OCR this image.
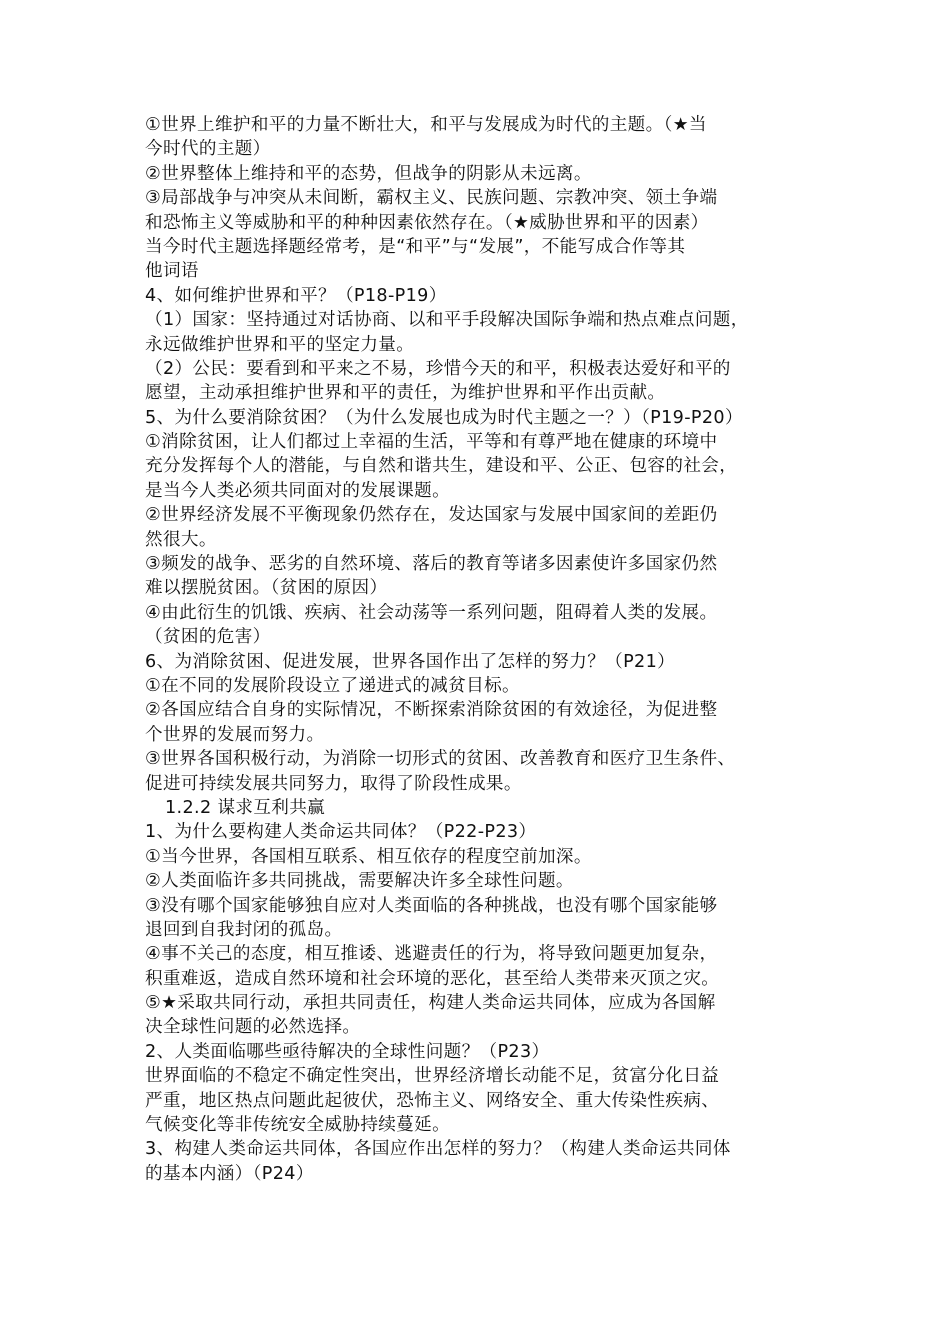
①世界上维护和平的力量不断壮大，和平与发展成为时代的主题。（★当
今时代的主题）
②世界整体上维持和平的态势，但战争的阴影从未远离。
③局部战争与冲突从未间断，霸权主义、民族问题、宗教冲突、领土争端
和恐怖主义等威胁和平的种种因素依然存在。（★威胁世界和平的因素）
当今时代主题选择题经常考，是“和平”与“发展”，不能写成合作等其
他词语
4、如何维护世界和平？（P18-P19）
（1）国家：坚持通过对话协商、以和平手段解决国际争端和热点难点问题，
永远做维护世界和平的坚定力量。
（2）公民：要看到和平来之不易，珍惜今天的和平，积极表达爱好和平的
愿望，主动承担维护世界和平的责任，为维护世界和平作出贡献。
5、为什么要消除贫困？（为什么发展也成为时代主题之一？）（P19-P20）
①消除贫困，让人们都过上幸福的生活，平等和有尊严地在健康的环境中
充分发挥每个人的潜能，与自然和谐共生，建设和平、公正、包容的社会，
是当今人类必须共同面对的发展课题。
②世界经济发展不平衡现象仍然存在，发达国家与发展中国家间的差距仍
然很大。
③频发的战争、恶劣的自然环境、落后的教育等诸多因素使许多国家仍然
难以摆脱贫困。（贫困的原因）
④由此衍生的饥饿、疾病、社会动荡等一系列问题，阻碍着人类的发展。
（贫困的危害）
6、为消除贫困、促进发展，世界各国作出了怎样的努力？（P21）
①在不同的发展阶段设立了递进式的减贫目标。
②各国应结合自身的实际情况，不断探索消除贫困的有效途径，为促进整
个世界的发展而努力。
③世界各国积极行动，为消除一切形式的贫困、改善教育和医疗卫生条件、
促进可持续发展共同努力，取得了阶段性成果。
1.2.2 谋求互利共赢
1、为什么要构建人类命运共同体？（P22-P23）
①当今世界，各国相互联系、相互依存的程度空前加深。
②人类面临许多共同挑战，需要解决许多全球性问题。
③没有哪个国家能够独自应对人类面临的各种挑战，也没有哪个国家能够
退回到自我封闭的孤岛。
④事不关己的态度，相互推诿、逃避责任的行为，将导致问题更加复杂，
积重难返，造成自然环境和社会环境的恶化，甚至给人类带来灭顶之灾。
⑤★采取共同行动，承担共同责任，构建人类命运共同体，应成为各国解
决全球性问题的必然选择。
2、人类面临哪些亟待解决的全球性问题？（P23）
世界面临的不稳定不确定性突出，世界经济增长动能不足，贫富分化日益
严重，地区热点问题此起彼伏，恐怖主义、网络安全、重大传染性疾病、
气候变化等非传统安全威胁持续蔓延。
3、构建人类命运共同体，各国应作出怎样的努力？（构建人类命运共同体
的基本内涵）（P24）
